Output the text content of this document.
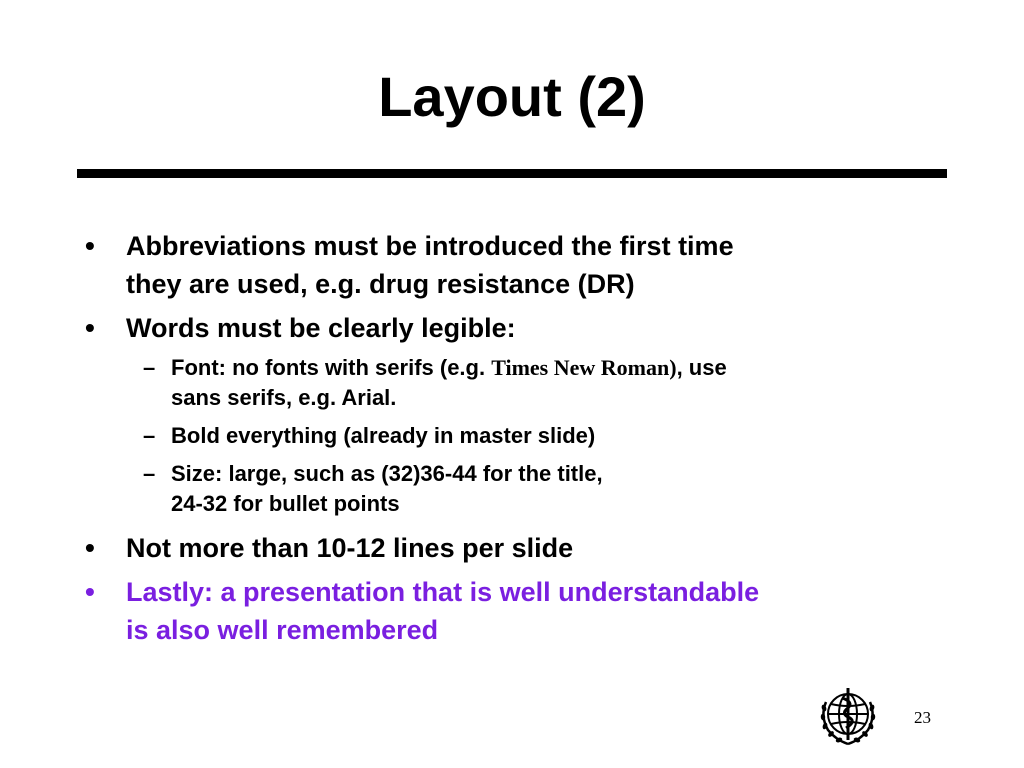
Layout (2)
• Abbreviations must be introduced the first time
they are used, e.g. drug resistance (DR)
• Words must be clearly legible:
– Font: no fonts with serifs (e.g. Times New Roman), use
sans serifs, e.g. Arial.
– Bold everything (already in master slide)
– Size: large, such as (32)36-44 for the title,
24-32 for bullet points
• Not more than 10-12 lines per slide
• Lastly: a presentation that is well understandable
is also well remembered
23
